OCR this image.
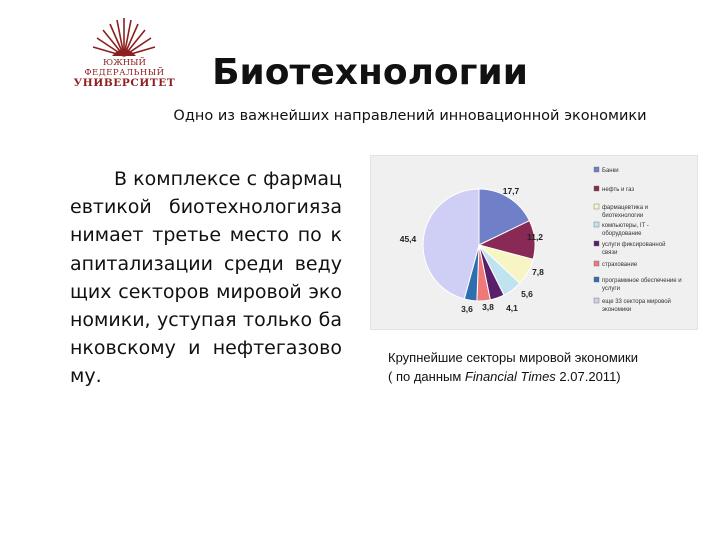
ЮЖНЫЙ
ФЕДЕРАЛЬНЫЙ
УНИВЕРСИТЕТ	Биотехнологии
Одно из важнейших направлений инновационной экономики
В комплексе с фармацевтикой биотехнологиязанимает третье место по капитализации среди ведущих секторов мировой экономики, уступая только банковскому и нефтегазовому.
17,7
11,2
7,8
5,6
4,1
3,8
3,6
45,4
Банки
нефть и газ
фармацевтика и
биотехнологии
компьютеры, IT -
оборудование
услуги фиксированной
связи
страхование
программное обеспечение и
услуги
еще 33 сектора мировой
экономики
Крупнейшие секторы мировой экономики
( по данным Financial Times 2.07.2011)
